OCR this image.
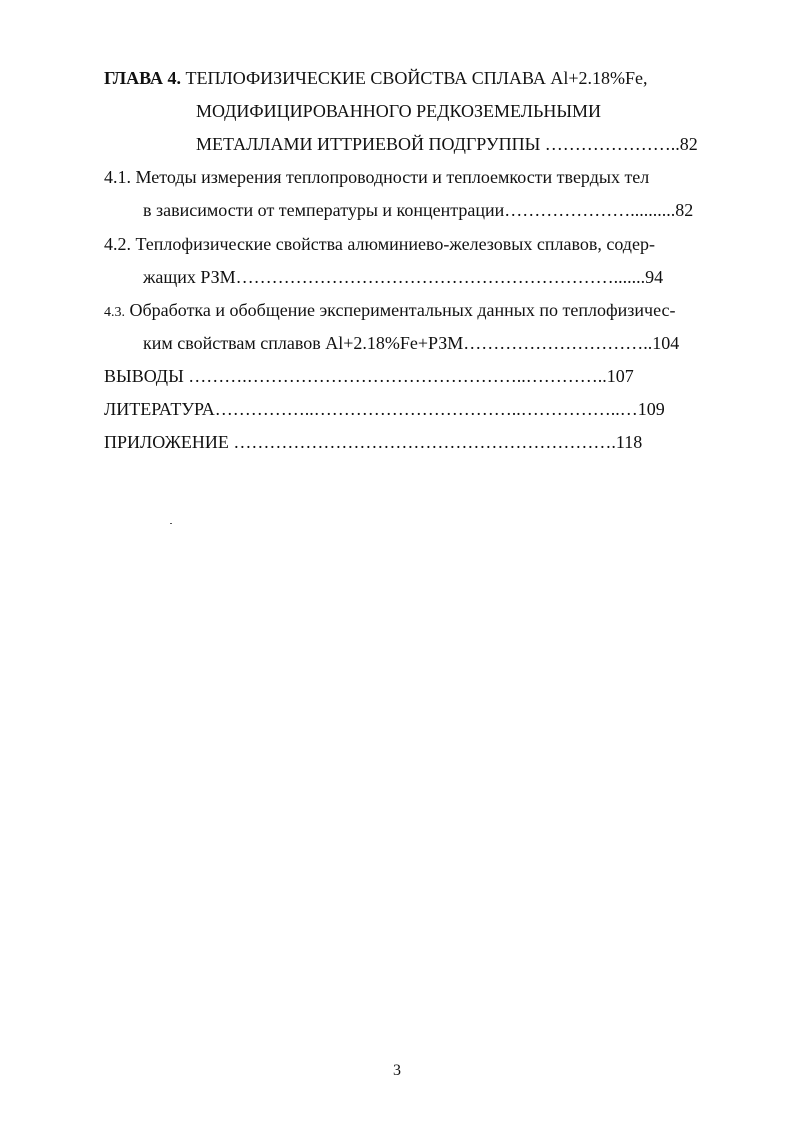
ГЛАВА 4. ТЕПЛОФИЗИЧЕСКИЕ СВОЙСТВА СПЛАВА Al+2.18%Fe,
МОДИФИЦИРОВАННОГО РЕДКОЗЕМЕЛЬНЫМИ
МЕТАЛЛАМИ ИТТРИЕВОЙ ПОДГРУППЫ …………………..82
4.1. Методы измерения теплопроводности и теплоемкости твердых тел
в зависимости от температуры и концентрации…………………..........82
4.2. Теплофизические свойства алюминиево-железовых сплавов, содер-
жащих РЗМ……………………………………………………….......94
4.3. Обработка и обобщение экспериментальных данных по теплофизичес-
ким свойствам сплавов Al+2.18%Fe+РЗМ…………………………..104
ВЫВОДЫ ……….………………………………………..…………..107
ЛИТЕРАТУРА……………..……………………………..……………..…109
ПРИЛОЖЕНИЕ ……………………………………………………….118
3
